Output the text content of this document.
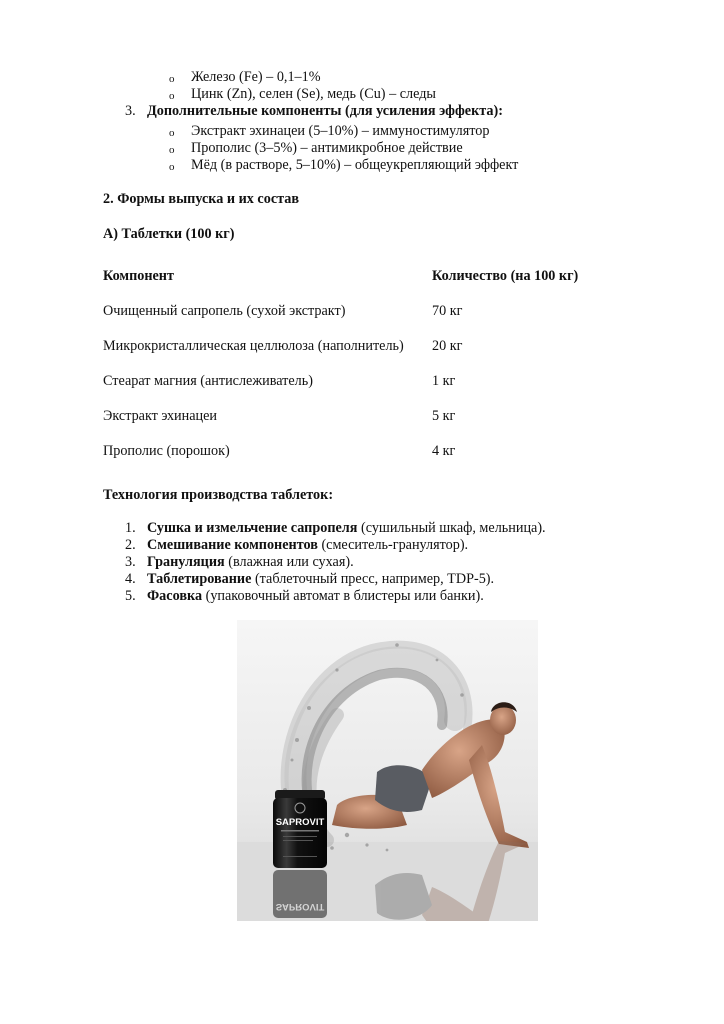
o Железо (Fe) – 0,1–1%
o Цинк (Zn), селен (Se), медь (Cu) – следы
3. Дополнительные компоненты (для усиления эффекта):
o Экстракт эхинацеи (5–10%) – иммуностимулятор
o Прополис (3–5%) – антимикробное действие
o Мёд (в растворе, 5–10%) – общеукрепляющий эффект
2. Формы выпуска и их состав
А) Таблетки (100 кг)
Компонент	Количество (на 100 кг)
Очищенный сапропель (сухой экстракт)	70 кг
Микрокристаллическая целлюлоза (наполнитель) 20 кг
Стеарат магния (антислеживатель)	1 кг
Экстракт эхинацеи	5 кг
Прополис (порошок)	4 кг
Технология производства таблеток:
1. Сушка и измельчение сапропеля (сушильный шкаф, мельница).
2. Смешивание компонентов (смеситель-гранулятор).
3. Грануляция (влажная или сухая).
4. Таблетирование (таблеточный пресс, например, TDP-5).
5. Фасовка (упаковочный автомат в блистеры или банки).
SAPROVIT
SAPROVIT
